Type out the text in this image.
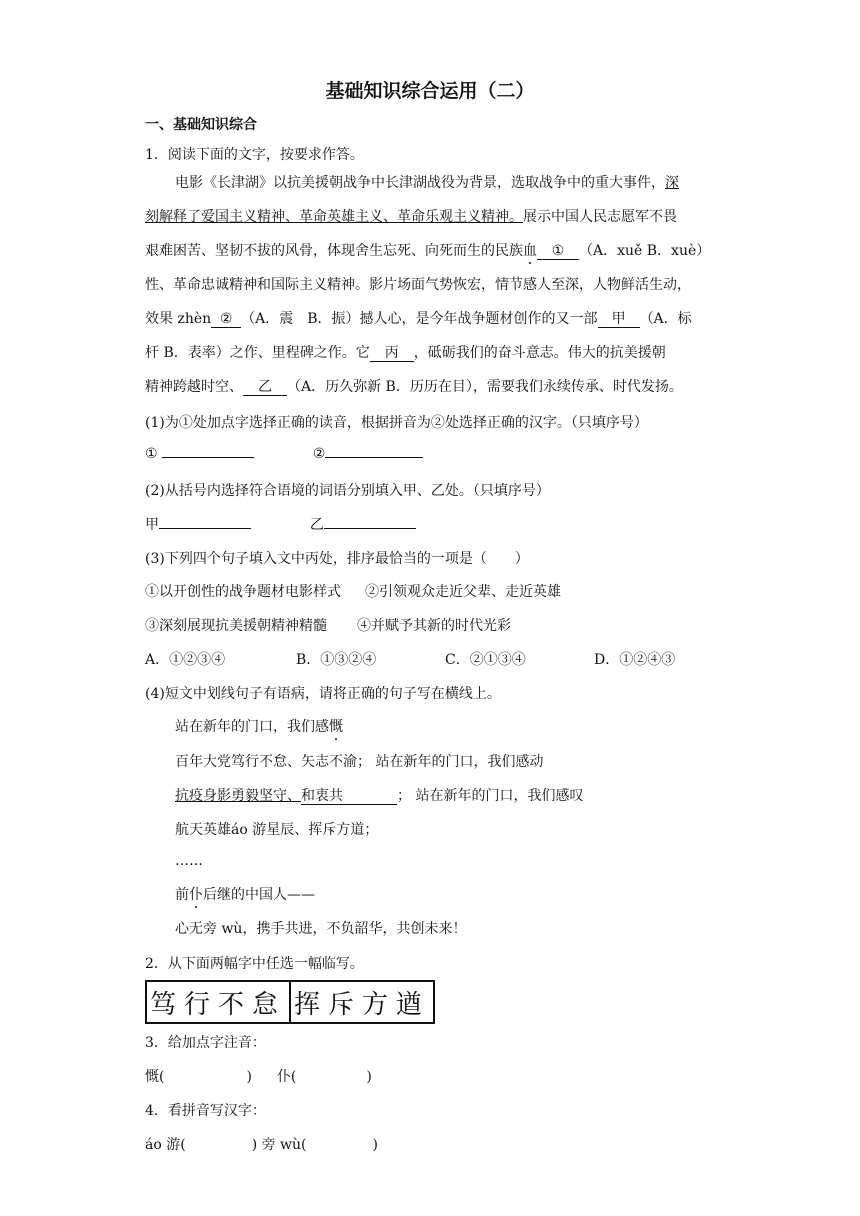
基础知识综合运用（二）
一、基础知识综合
1．阅读下面的文字，按要求作答。
电影《长津湖》以抗美援朝战争中长津湖战役为背景，选取战争中的重大事件，深
刻解释了爱国主义精神、革命英雄主义、革命乐观主义精神。展示中国人民志愿军不畏
艰难困苦、坚韧不拔的风骨，体现舍生忘死、向死而生的民族血 ① （A．xuě B．xuè）
性、革命忠诚精神和国际主义精神。影片场面气势恢宏，情节感人至深，人物鲜活生动，
效果 zhèn ② （A．震　B．振）撼人心，是今年战争题材创作的又一部 甲 （A．标
杆 B．表率）之作、里程碑之作。它 丙 ，砥砺我们的奋斗意志。伟大的抗美援朝
精神跨越时空、 乙 （A．历久弥新 B．历历在目），需要我们永续传承、时代发扬。
(1)为①处加点字选择正确的读音，根据拼音为②处选择正确的汉字。（只填序号）
①	②
(2)从括号内选择符合语境的词语分别填入甲、乙处。（只填序号）
甲	乙
(3)下列四个句子填入文中丙处，排序最恰当的一项是（　　）
①以开创性的战争题材电影样式 ②引领观众走近父辈、走近英雄
③深刻展现抗美援朝精神精髓 ④并赋予其新的时代光彩
A．①②③④	B．①③②④	C．②①③④	D．①②④③
(4)短文中划线句子有语病，请将正确的句子写在横线上。
站在新年的门口，我们感慨
百年大党笃行不怠、矢志不渝； 站在新年的门口，我们感动
抗疫身影勇毅坚守、和衷共	； 站在新年的门口，我们感叹
航天英雄áo 游星辰、挥斥方道；
……
前仆后继的中国人——
心无旁 wù，携手共进，不负韶华，共创未来！
2．从下面两幅字中任选一幅临写。
笃行不怠 挥斥方遒
3．给加点字注音：
慨(	) 仆(	)
4．看拼音写汉字：
áo 游(	) 旁 wù(	)
